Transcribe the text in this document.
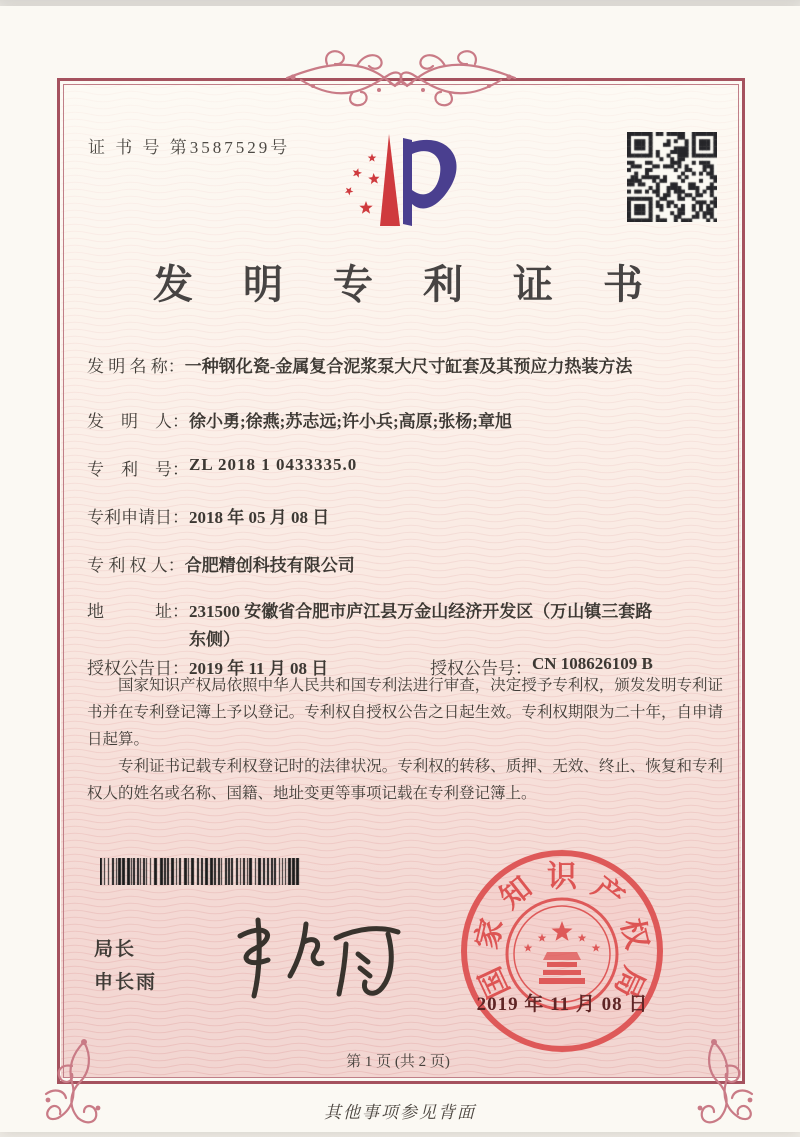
证 书 号 第3587529号
发 明 专 利 证 书
发 明 名 称： 一种钢化瓷-金属复合泥浆泵大尺寸缸套及其预应力热装方法
发　明　人： 徐小勇;徐燕;苏志远;许小兵;高原;张杨;章旭
专　利　号： ZL 2018 1 0433335.0
专利申请日： 2018 年 05 月 08 日
专 利 权 人： 合肥精创科技有限公司
地　　　址： 231500 安徽省合肥市庐江县万金山经济开发区（万山镇三套路东侧）
授权公告日： 2019 年 11 月 08 日	授权公告号： CN 108626109 B

国家知识产权局依照中华人民共和国专利法进行审查，决定授予专利权，颁发发明专利证书并在专利登记簿上予以登记。专利权自授权公告之日起生效。专利权期限为二十年，自申请日起算。

专利证书记载专利权登记时的法律状况。专利权的转移、质押、无效、终止、恢复和专利权人的姓名或名称、国籍、地址变更等事项记载在专利登记簿上。

局长
申长雨	国
家
知 识 产
权
局
2019 年 11 月 08 日
第 1 页 (共 2 页)
其他事项参见背面
